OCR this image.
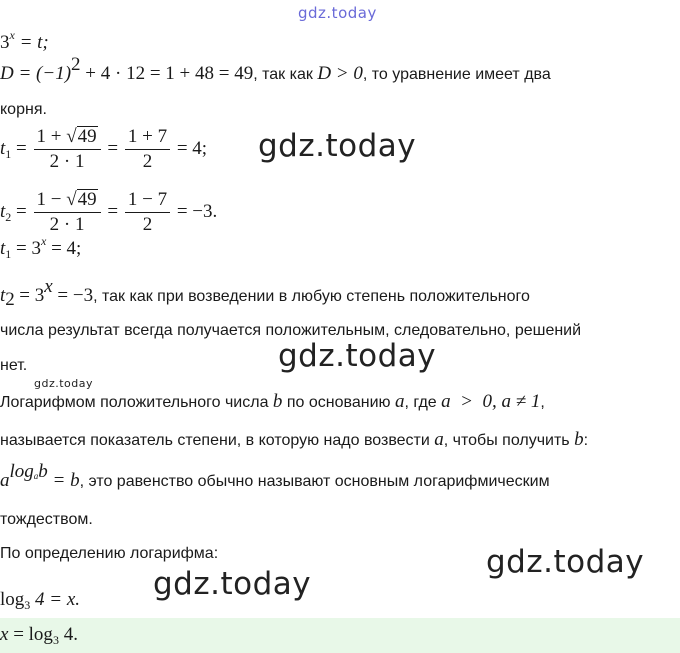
gdz.today
$3^x = t$;
$D = (-1)^2 + 4 \cdot 12 = 1 + 48 = 49$, так как D > 0, то уравнение имеет два
корня.
$t_1 = \frac{1 + √49}{2 \cdot 1} = \frac{1 + 7}{2} = 4$;
$t_2 = \frac{1 - √49}{2 \cdot 1} = \frac{1 - 7}{2} = -3$.
$t_1 = 3^x = 4$;
$t_2 = 3^x = -3$, так как при возведении в любую степень положительного
числа результат всегда получается положительным, следовательно, решений
нет.
Логарифмом положительного числа b по основанию a, где a  >  0, a ≠ 1,
называется показатель степени, в которую надо возвести a, чтобы получить b:
$a^{logab} = b$, это равенство обычно называют основным логарифмическим
тождеством.
По определению логарифма:
$\log_3 4 = x$.
$x = \log_3 4$.
gdz.today
gdz.today
gdz.today
gdz.today
gdz.today
